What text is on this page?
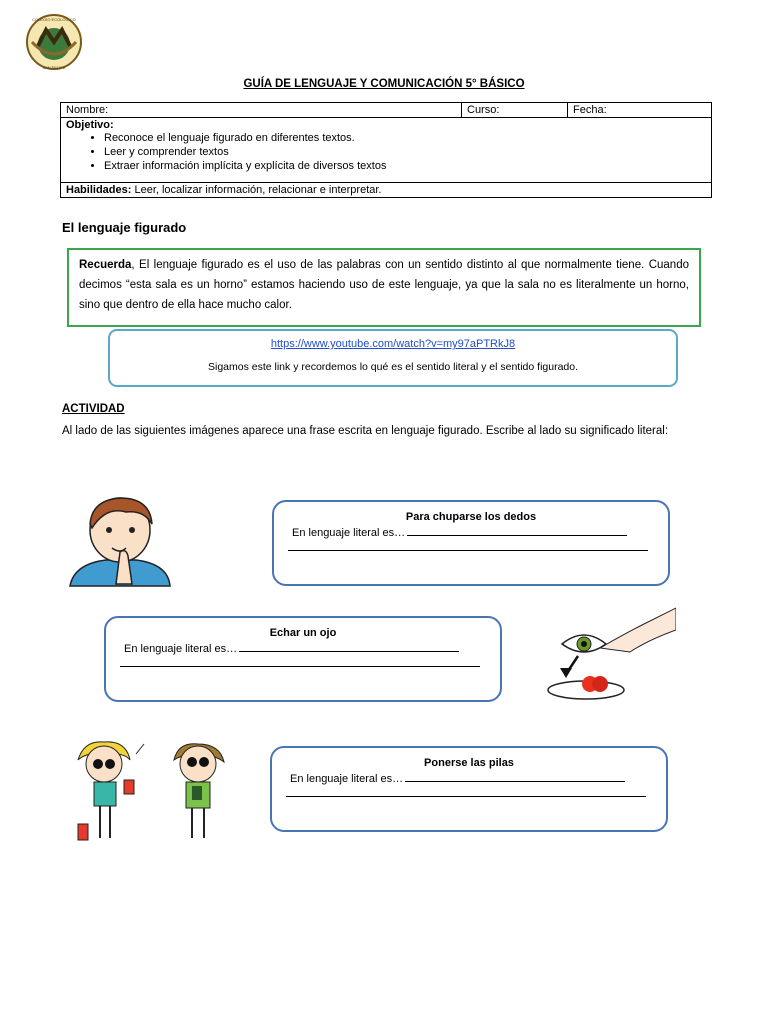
COLEGIO ECOLÓGICO
SAN FELIPE
GUÍA DE LENGUAJE Y COMUNICACIÓN 5° BÁSICO
Nombre:	Curso:	Fecha:

Objetivo:
• Reconoce el lenguaje figurado en diferentes textos.
• Leer y comprender textos
• Extraer información implícita y explícita de diversos textos

Habilidades: Leer, localizar información, relacionar e interpretar.
El lenguaje figurado
Recuerda, El lenguaje figurado es el uso de las palabras con un sentido distinto al que normalmente tiene. Cuando decimos “esta sala es un horno” estamos haciendo uso de este lenguaje, ya que la sala no es literalmente un horno, sino que dentro de ella hace mucho calor.
https://www.youtube.com/watch?v=my97aPTRkJ8
Sigamos este link y recordemos lo qué es el sentido literal y el sentido figurado.
ACTIVIDAD
Al lado de las siguientes imágenes aparece una frase escrita en lenguaje figurado. Escribe al lado su significado literal:
Para chuparse los dedos
En lenguaje literal es…
Echar un ojo
En lenguaje literal es…
Ponerse las pilas
En lenguaje literal es…
